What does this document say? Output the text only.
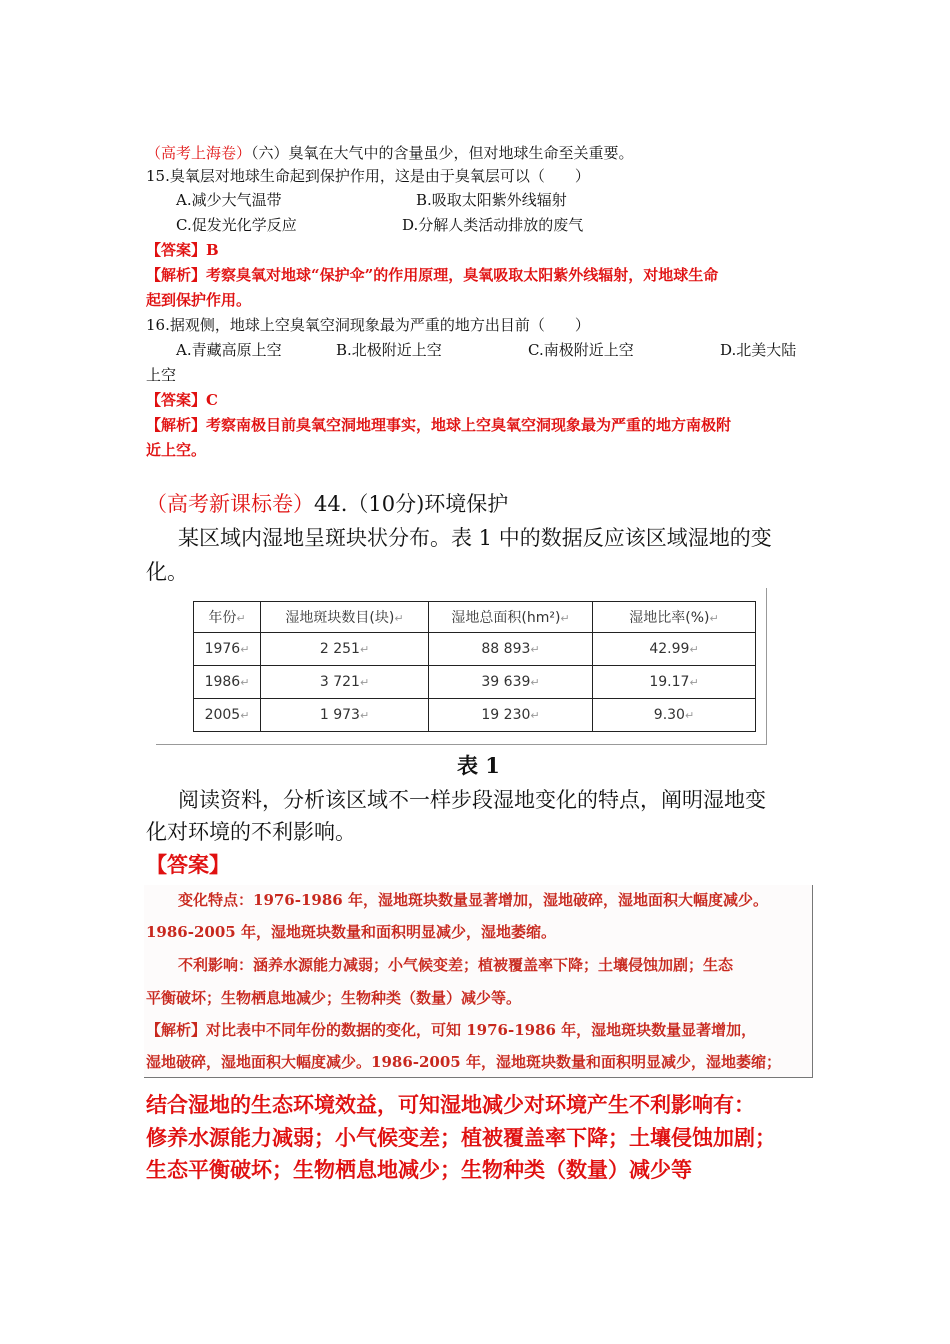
（高考上海卷）（六）臭氧在大气中的含量虽少，但对地球生命至关重要。
15.臭氧层对地球生命起到保护作用，这是由于臭氧层可以（　　）
A.减少大气温带	B.吸取太阳紫外线辐射
C.促发光化学反应	D.分解人类活动排放的废气
【答案】B
【解析】考察臭氧对地球“保护伞”的作用原理，臭氧吸取太阳紫外线辐射，对地球生命
起到保护作用。
16.据观侧，地球上空臭氧空洞现象最为严重的地方出目前（　　）
A.青藏高原上空	B.北极附近上空	C.南极附近上空	D.北美大陆
上空
【答案】C
【解析】考察南极目前臭氧空洞地理事实，地球上空臭氧空洞现象最为严重的地方南极附
近上空。
（高考新课标卷）44.（10分)环境保护
某区域内湿地呈斑块状分布。表 1 中的数据反应该区域湿地的变
化。
年份↵	湿地斑块数目(块)↵	湿地总面积(hm²)↵	湿地比率(%)↵
1976↵	2 251↵	88 893↵	42.99↵
1986↵	3 721↵	39 639↵	19.17↵
2005↵	1 973↵	19 230↵	9.30↵
表 1
阅读资料，分析该区域不一样步段湿地变化的特点，阐明湿地变
化对环境的不利影响。
【答案】
变化特点：1976-1986 年，湿地斑块数量显著增加，湿地破碎，湿地面积大幅度减少。
1986-2005 年，湿地斑块数量和面积明显减少，湿地萎缩。
不利影响：涵养水源能力减弱；小气候变差；植被覆盖率下降；土壤侵蚀加剧；生态
平衡破坏；生物栖息地减少；生物种类（数量）减少等。
【解析】对比表中不同年份的数据的变化，可知 1976-1986 年，湿地斑块数量显著增加，
湿地破碎，湿地面积大幅度减少。1986-2005 年，湿地斑块数量和面积明显减少，湿地萎缩；
结合湿地的生态环境效益，可知湿地减少对环境产生不利影响有：
修养水源能力减弱；小气候变差；植被覆盖率下降；土壤侵蚀加剧；
生态平衡破坏；生物栖息地减少；生物种类（数量）减少等
